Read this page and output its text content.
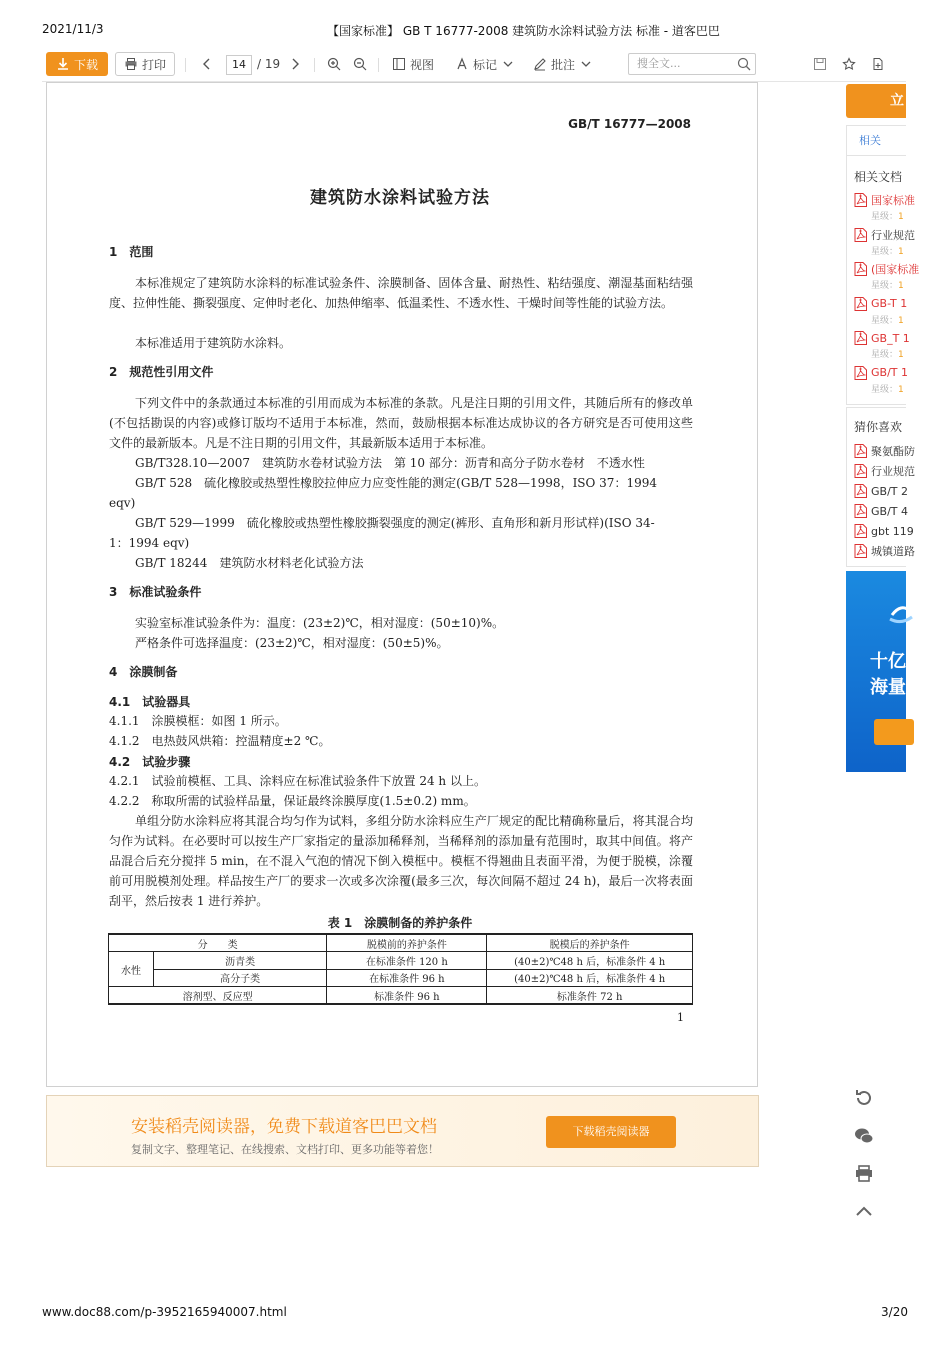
2021/11/3	【国家标准】 GB T 16777-2008 建筑防水涂料试验方法 标准 - 道客巴巴
下载	打印	14 / 19	视图	标记	批注	搜全文...
GB/T 16777—2008
建筑防水涂料试验方法
1　范围
本标准规定了建筑防水涂料的标准试验条件、涂膜制备、固体含量、耐热性、粘结强度、潮湿基面粘结强度、拉伸性能、撕裂强度、定伸时老化、加热伸缩率、低温柔性、不透水性、干燥时间等性能的试验方法。
本标准适用于建筑防水涂料。
2　规范性引用文件
下列文件中的条款通过本标准的引用而成为本标准的条款。凡是注日期的引用文件，其随后所有的修改单(不包括勘误的内容)或修订版均不适用于本标准，然而，鼓励根据本标准达成协议的各方研究是否可使用这些文件的最新版本。凡是不注日期的引用文件，其最新版本适用于本标准。
GB/T328.10—2007　建筑防水卷材试验方法　第 10 部分：沥青和高分子防水卷材　不透水性
GB/T 528　硫化橡胶或热塑性橡胶拉伸应力应变性能的测定(GB/T 528—1998，ISO 37：1994
eqv)
GB/T 529—1999　硫化橡胶或热塑性橡胶撕裂强度的测定(裤形、直角形和新月形试样)(ISO 34-
1：1994 eqv)
GB/T 18244　建筑防水材料老化试验方法
3　标准试验条件
实验室标准试验条件为：温度：(23±2)℃，相对湿度：(50±10)%。
严格条件可选择温度：(23±2)℃，相对湿度：(50±5)%。
4　涂膜制备
4.1　试验器具
4.1.1　涂膜模框：如图 1 所示。
4.1.2　电热鼓风烘箱：控温精度±2 ℃。
4.2　试验步骤
4.2.1　试验前模框、工具、涂料应在标准试验条件下放置 24 h 以上。
4.2.2　称取所需的试验样品量，保证最终涂膜厚度(1.5±0.2) mm。
单组分防水涂料应将其混合均匀作为试料，多组分防水涂料应生产厂规定的配比精确称量后，将其混合均匀作为试料。在必要时可以按生产厂家指定的量添加稀释剂，当稀释剂的添加量有范围时，取其中间值。将产品混合后充分搅拌 5 min，在不混入气泡的情况下倒入模框中。模框不得翘曲且表面平滑，为便于脱模，涂覆前可用脱模剂处理。样品按生产厂的要求一次或多次涂覆(最多三次，每次间隔不超过 24 h)，最后一次将表面刮平，然后按表 1 进行养护。
表 1　涂膜制备的养护条件
分　　类		脱模前的养护条件	脱模后的养护条件
水性	沥青类	在标准条件 120 h	(40±2)℃48 h 后，标准条件 4 h
	高分子类	在标准条件 96 h	(40±2)℃48 h 后，标准条件 4 h
溶剂型、反应型		标准条件 96 h	标准条件 72 h
1
立
相关
相关文档
国家标准
星级：1
行业规范
星级：1
(国家标准
星级：1
GB-T 1
星级：1
GB_T 1
星级：1
GB/T 1
星级：1
猜你喜欢
聚氨酯防
行业规范
GB/T 2
GB/T 4
gbt 119
城镇道路
十亿
海量
安装稻壳阅读器，免费下载道客巴巴文档
复制文字、整理笔记、在线搜索、文档打印、更多功能等着您！
下载稻壳阅读器
www.doc88.com/p-3952165940007.html	3/20
